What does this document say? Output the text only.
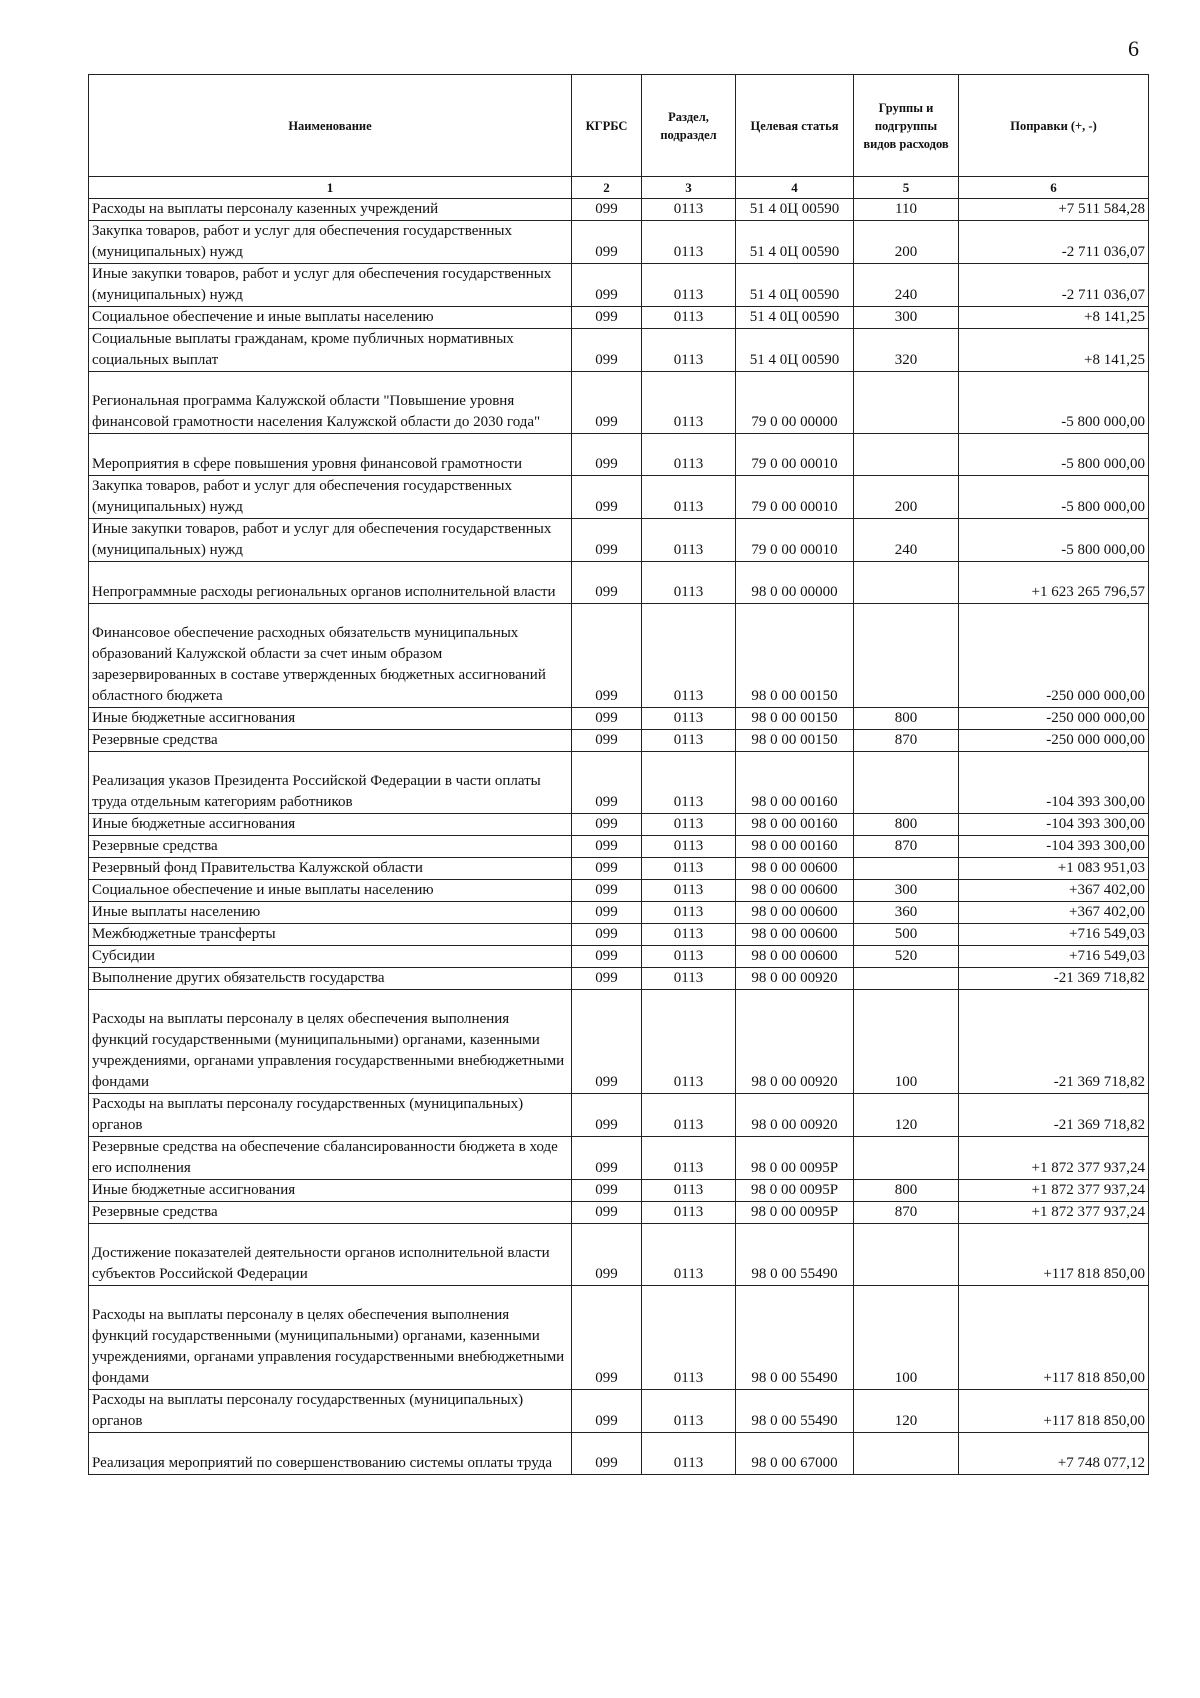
6
Наименование	КГРБС	Раздел, подраздел	Целевая статья	Группы и подгруппы видов расходов	Поправки (+, -)
1	2	3	4	5	6
Расходы на выплаты персоналу казенных учреждений	099	0113	51 4 0Ц 00590	110	+7 511 584,28
Закупка товаров, работ и услуг для обеспечения государственных (муниципальных) нужд	099	0113	51 4 0Ц 00590	200	-2 711 036,07
Иные закупки товаров, работ и услуг для обеспечения государственных (муниципальных) нужд	099	0113	51 4 0Ц 00590	240	-2 711 036,07
Социальное обеспечение и иные выплаты населению	099	0113	51 4 0Ц 00590	300	+8 141,25
Социальные выплаты гражданам, кроме публичных нормативных социальных выплат	099	0113	51 4 0Ц 00590	320	+8 141,25
Региональная программа Калужской области "Повышение уровня финансовой грамотности населения Калужской области до 2030 года"	099	0113	79 0 00 00000		-5 800 000,00
Мероприятия в сфере повышения уровня финансовой грамотности	099	0113	79 0 00 00010		-5 800 000,00
Закупка товаров, работ и услуг для обеспечения государственных (муниципальных) нужд	099	0113	79 0 00 00010	200	-5 800 000,00
Иные закупки товаров, работ и услуг для обеспечения государственных (муниципальных) нужд	099	0113	79 0 00 00010	240	-5 800 000,00
Непрограммные расходы региональных органов исполнительной власти	099	0113	98 0 00 00000		+1 623 265 796,57
Финансовое обеспечение расходных обязательств муниципальных образований Калужской области за счет иным образом зарезервированных в составе утвержденных бюджетных ассигнований областного бюджета	099	0113	98 0 00 00150		-250 000 000,00
Иные бюджетные ассигнования	099	0113	98 0 00 00150	800	-250 000 000,00
Резервные средства	099	0113	98 0 00 00150	870	-250 000 000,00
Реализация указов Президента Российской Федерации в части оплаты труда отдельным категориям работников	099	0113	98 0 00 00160		-104 393 300,00
Иные бюджетные ассигнования	099	0113	98 0 00 00160	800	-104 393 300,00
Резервные средства	099	0113	98 0 00 00160	870	-104 393 300,00
Резервный фонд Правительства Калужской области	099	0113	98 0 00 00600		+1 083 951,03
Социальное обеспечение и иные выплаты населению	099	0113	98 0 00 00600	300	+367 402,00
Иные выплаты населению	099	0113	98 0 00 00600	360	+367 402,00
Межбюджетные трансферты	099	0113	98 0 00 00600	500	+716 549,03
Субсидии	099	0113	98 0 00 00600	520	+716 549,03
Выполнение других обязательств государства	099	0113	98 0 00 00920		-21 369 718,82
Расходы на выплаты персоналу в целях обеспечения выполнения функций государственными (муниципальными) органами, казенными учреждениями, органами управления государственными внебюджетными фондами	099	0113	98 0 00 00920	100	-21 369 718,82
Расходы на выплаты персоналу государственных (муниципальных) органов	099	0113	98 0 00 00920	120	-21 369 718,82
Резервные средства на обеспечение сбалансированности бюджета в ходе его исполнения	099	0113	98 0 00 0095Р		+1 872 377 937,24
Иные бюджетные ассигнования	099	0113	98 0 00 0095Р	800	+1 872 377 937,24
Резервные средства	099	0113	98 0 00 0095Р	870	+1 872 377 937,24
Достижение показателей деятельности органов исполнительной власти субъектов Российской Федерации	099	0113	98 0 00 55490		+117 818 850,00
Расходы на выплаты персоналу в целях обеспечения выполнения функций государственными (муниципальными) органами, казенными учреждениями, органами управления государственными внебюджетными фондами	099	0113	98 0 00 55490	100	+117 818 850,00
Расходы на выплаты персоналу государственных (муниципальных) органов	099	0113	98 0 00 55490	120	+117 818 850,00
Реализация мероприятий по совершенствованию системы оплаты труда	099	0113	98 0 00 67000		+7 748 077,12
